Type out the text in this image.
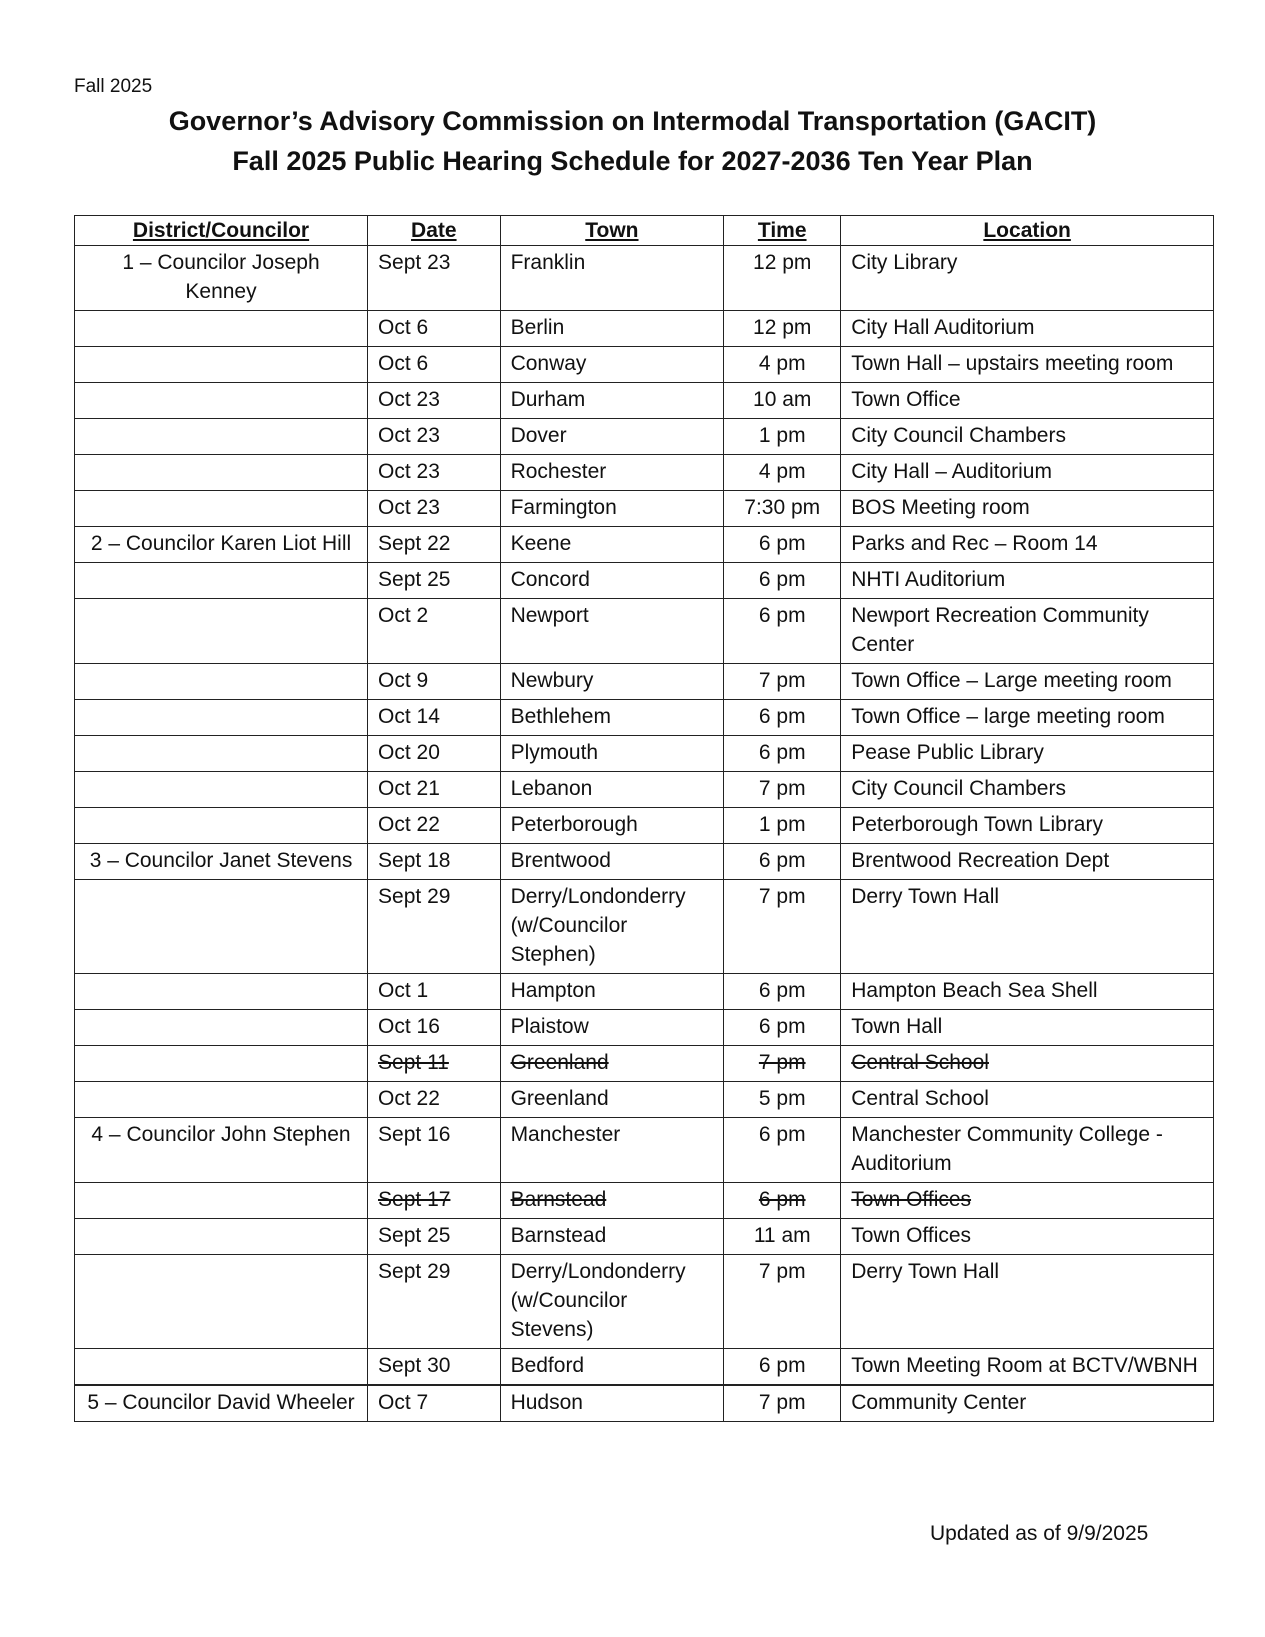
Fall 2025
Governor’s Advisory Commission on Intermodal Transportation (GACIT)
Fall 2025 Public Hearing Schedule for 2027-2036 Ten Year Plan
District/Councilor	Date	Town	Time	Location
1 – Councilor Joseph Kenney	Sept 23	Franklin	12 pm	City Library
	Oct 6	Berlin	12 pm	City Hall Auditorium
	Oct 6	Conway	4 pm	Town Hall – upstairs meeting room
	Oct 23	Durham	10 am	Town Office
	Oct 23	Dover	1 pm	City Council Chambers
	Oct 23	Rochester	4 pm	City Hall – Auditorium
	Oct 23	Farmington	7:30 pm	BOS Meeting room
2 – Councilor Karen Liot Hill	Sept 22	Keene	6 pm	Parks and Rec – Room 14
	Sept 25	Concord	6 pm	NHTI Auditorium
	Oct 2	Newport	6 pm	Newport Recreation Community Center
	Oct 9	Newbury	7 pm	Town Office – Large meeting room
	Oct 14	Bethlehem	6 pm	Town Office – large meeting room
	Oct 20	Plymouth	6 pm	Pease Public Library
	Oct 21	Lebanon	7 pm	City Council Chambers
	Oct 22	Peterborough	1 pm	Peterborough Town Library
3 – Councilor Janet Stevens	Sept 18	Brentwood	6 pm	Brentwood Recreation Dept
	Sept 29	Derry/Londonderry (w/Councilor Stephen)	7 pm	Derry Town Hall
	Oct 1	Hampton	6 pm	Hampton Beach Sea Shell
	Oct 16	Plaistow	6 pm	Town Hall
	Sept 11	Greenland	7 pm	Central School
	Oct 22	Greenland	5 pm	Central School
4 – Councilor John Stephen	Sept 16	Manchester	6 pm	Manchester Community College - Auditorium
	Sept 17	Barnstead	6 pm	Town Offices
	Sept 25	Barnstead	11 am	Town Offices
	Sept 29	Derry/Londonderry (w/Councilor Stevens)	7 pm	Derry Town Hall
	Sept 30	Bedford	6 pm	Town Meeting Room at BCTV/WBNH
5 – Councilor David Wheeler	Oct 7	Hudson	7 pm	Community Center
Updated as of 9/9/2025
